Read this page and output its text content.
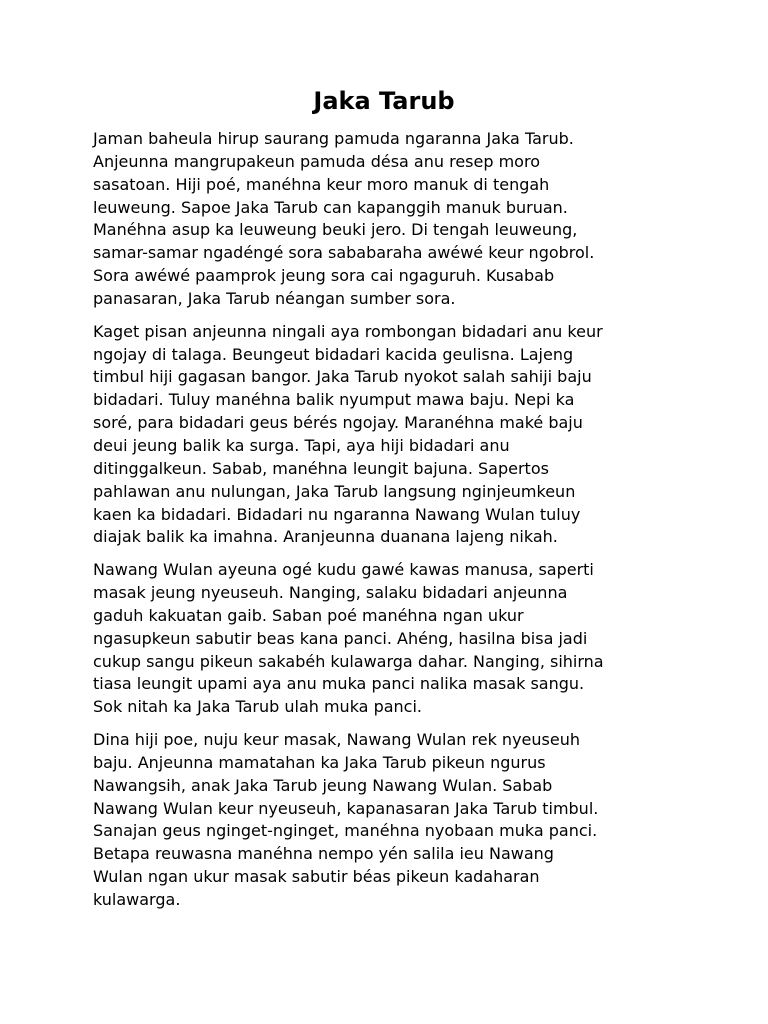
Jaka Tarub

Jaman baheula hirup saurang pamuda ngaranna Jaka Tarub.
Anjeunna mangrupakeun pamuda désa anu resep moro
sasatoan. Hiji poé, manéhna keur moro manuk di tengah
leuweung. Sapoe Jaka Tarub can kapanggih manuk buruan.
Manéhna asup ka leuweung beuki jero. Di tengah leuweung,
samar-samar ngadéngé sora sababaraha awéwé keur ngobrol.
Sora awéwé paamprok jeung sora cai ngaguruh. Kusabab
panasaran, Jaka Tarub néangan sumber sora.

Kaget pisan anjeunna ningali aya rombongan bidadari anu keur
ngojay di talaga. Beungeut bidadari kacida geulisna. Lajeng
timbul hiji gagasan bangor. Jaka Tarub nyokot salah sahiji baju
bidadari. Tuluy manéhna balik nyumput mawa baju. Nepi ka
soré, para bidadari geus bérés ngojay. Maranéhna maké baju
deui jeung balik ka surga. Tapi, aya hiji bidadari anu
ditinggalkeun. Sabab, manéhna leungit bajuna. Sapertos
pahlawan anu nulungan, Jaka Tarub langsung nginjeumkeun
kaen ka bidadari. Bidadari nu ngaranna Nawang Wulan tuluy
diajak balik ka imahna. Aranjeunna duanana lajeng nikah.

Nawang Wulan ayeuna ogé kudu gawé kawas manusa, saperti
masak jeung nyeuseuh. Nanging, salaku bidadari anjeunna
gaduh kakuatan gaib. Saban poé manéhna ngan ukur
ngasupkeun sabutir beas kana panci. Ahéng, hasilna bisa jadi
cukup sangu pikeun sakabéh kulawarga dahar. Nanging, sihirna
tiasa leungit upami aya anu muka panci nalika masak sangu.
Sok nitah ka Jaka Tarub ulah muka panci.

Dina hiji poe, nuju keur masak, Nawang Wulan rek nyeuseuh
baju. Anjeunna mamatahan ka Jaka Tarub pikeun ngurus
Nawangsih, anak Jaka Tarub jeung Nawang Wulan. Sabab
Nawang Wulan keur nyeuseuh, kapanasaran Jaka Tarub timbul.
Sanajan geus nginget-nginget, manéhna nyobaan muka panci.
Betapa reuwasna manéhna nempo yén salila ieu Nawang
Wulan ngan ukur masak sabutir béas pikeun kadaharan
kulawarga.
